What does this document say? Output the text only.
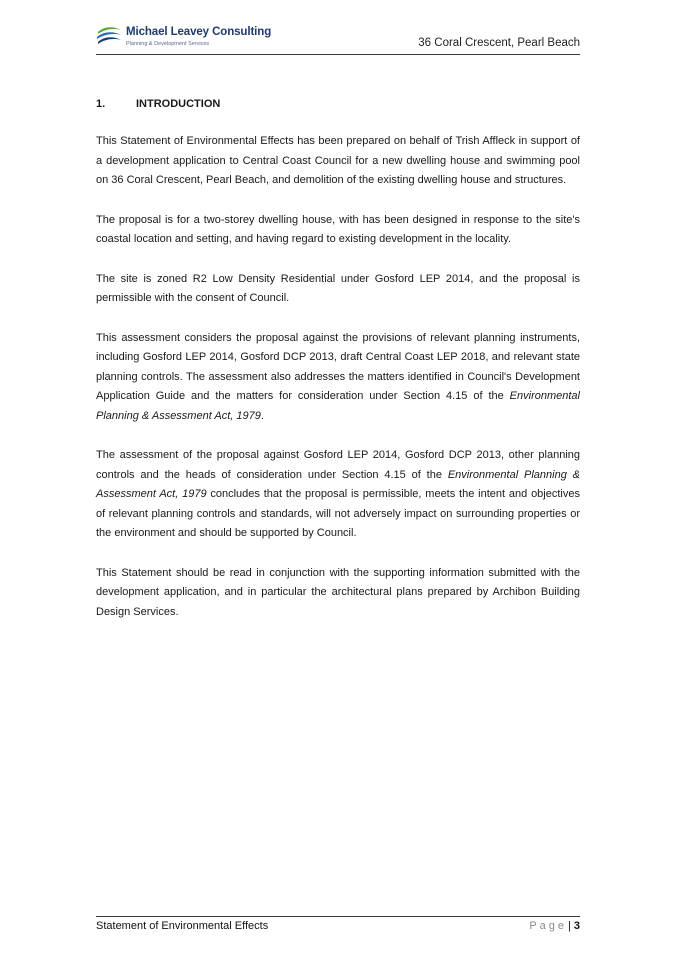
Michael Leavey Consulting
Planning & Development Services	36 Coral Crescent, Pearl Beach
1.	INTRODUCTION

This Statement of Environmental Effects has been prepared on behalf of Trish Affleck in support of a development application to Central Coast Council for a new dwelling house and swimming pool on 36 Coral Crescent, Pearl Beach, and demolition of the existing dwelling house and structures.

The proposal is for a two-storey dwelling house, with has been designed in response to the site's coastal location and setting, and having regard to existing development in the locality.

The site is zoned R2 Low Density Residential under Gosford LEP 2014, and the proposal is permissible with the consent of Council.

This assessment considers the proposal against the provisions of relevant planning instruments, including Gosford LEP 2014, Gosford DCP 2013, draft Central Coast LEP 2018, and relevant state planning controls. The assessment also addresses the matters identified in Council's Development Application Guide and the matters for consideration under Section 4.15 of the Environmental Planning & Assessment Act, 1979.

The assessment of the proposal against Gosford LEP 2014, Gosford DCP 2013, other planning controls and the heads of consideration under Section 4.15 of the Environmental Planning & Assessment Act, 1979 concludes that the proposal is permissible, meets the intent and objectives of relevant planning controls and standards, will not adversely impact on surrounding properties or the environment and should be supported by Council.

This Statement should be read in conjunction with the supporting information submitted with the development application, and in particular the architectural plans prepared by Archibon Building Design Services.

Statement of Environmental Effects	Page| 3
